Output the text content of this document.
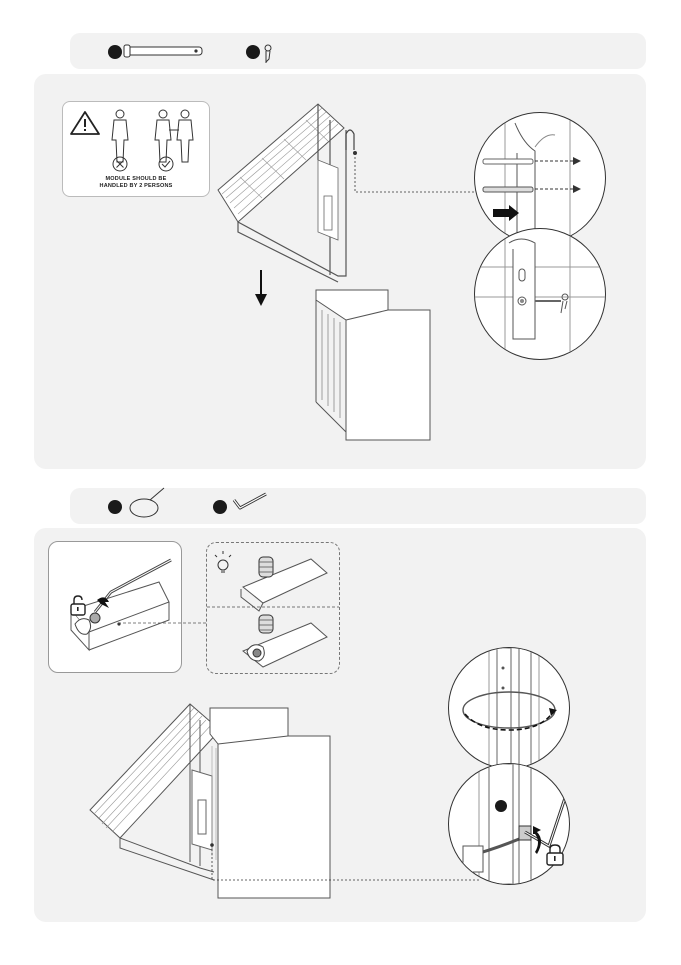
MODULE SHOULD BE
HANDLED BY 2 PERSONS
